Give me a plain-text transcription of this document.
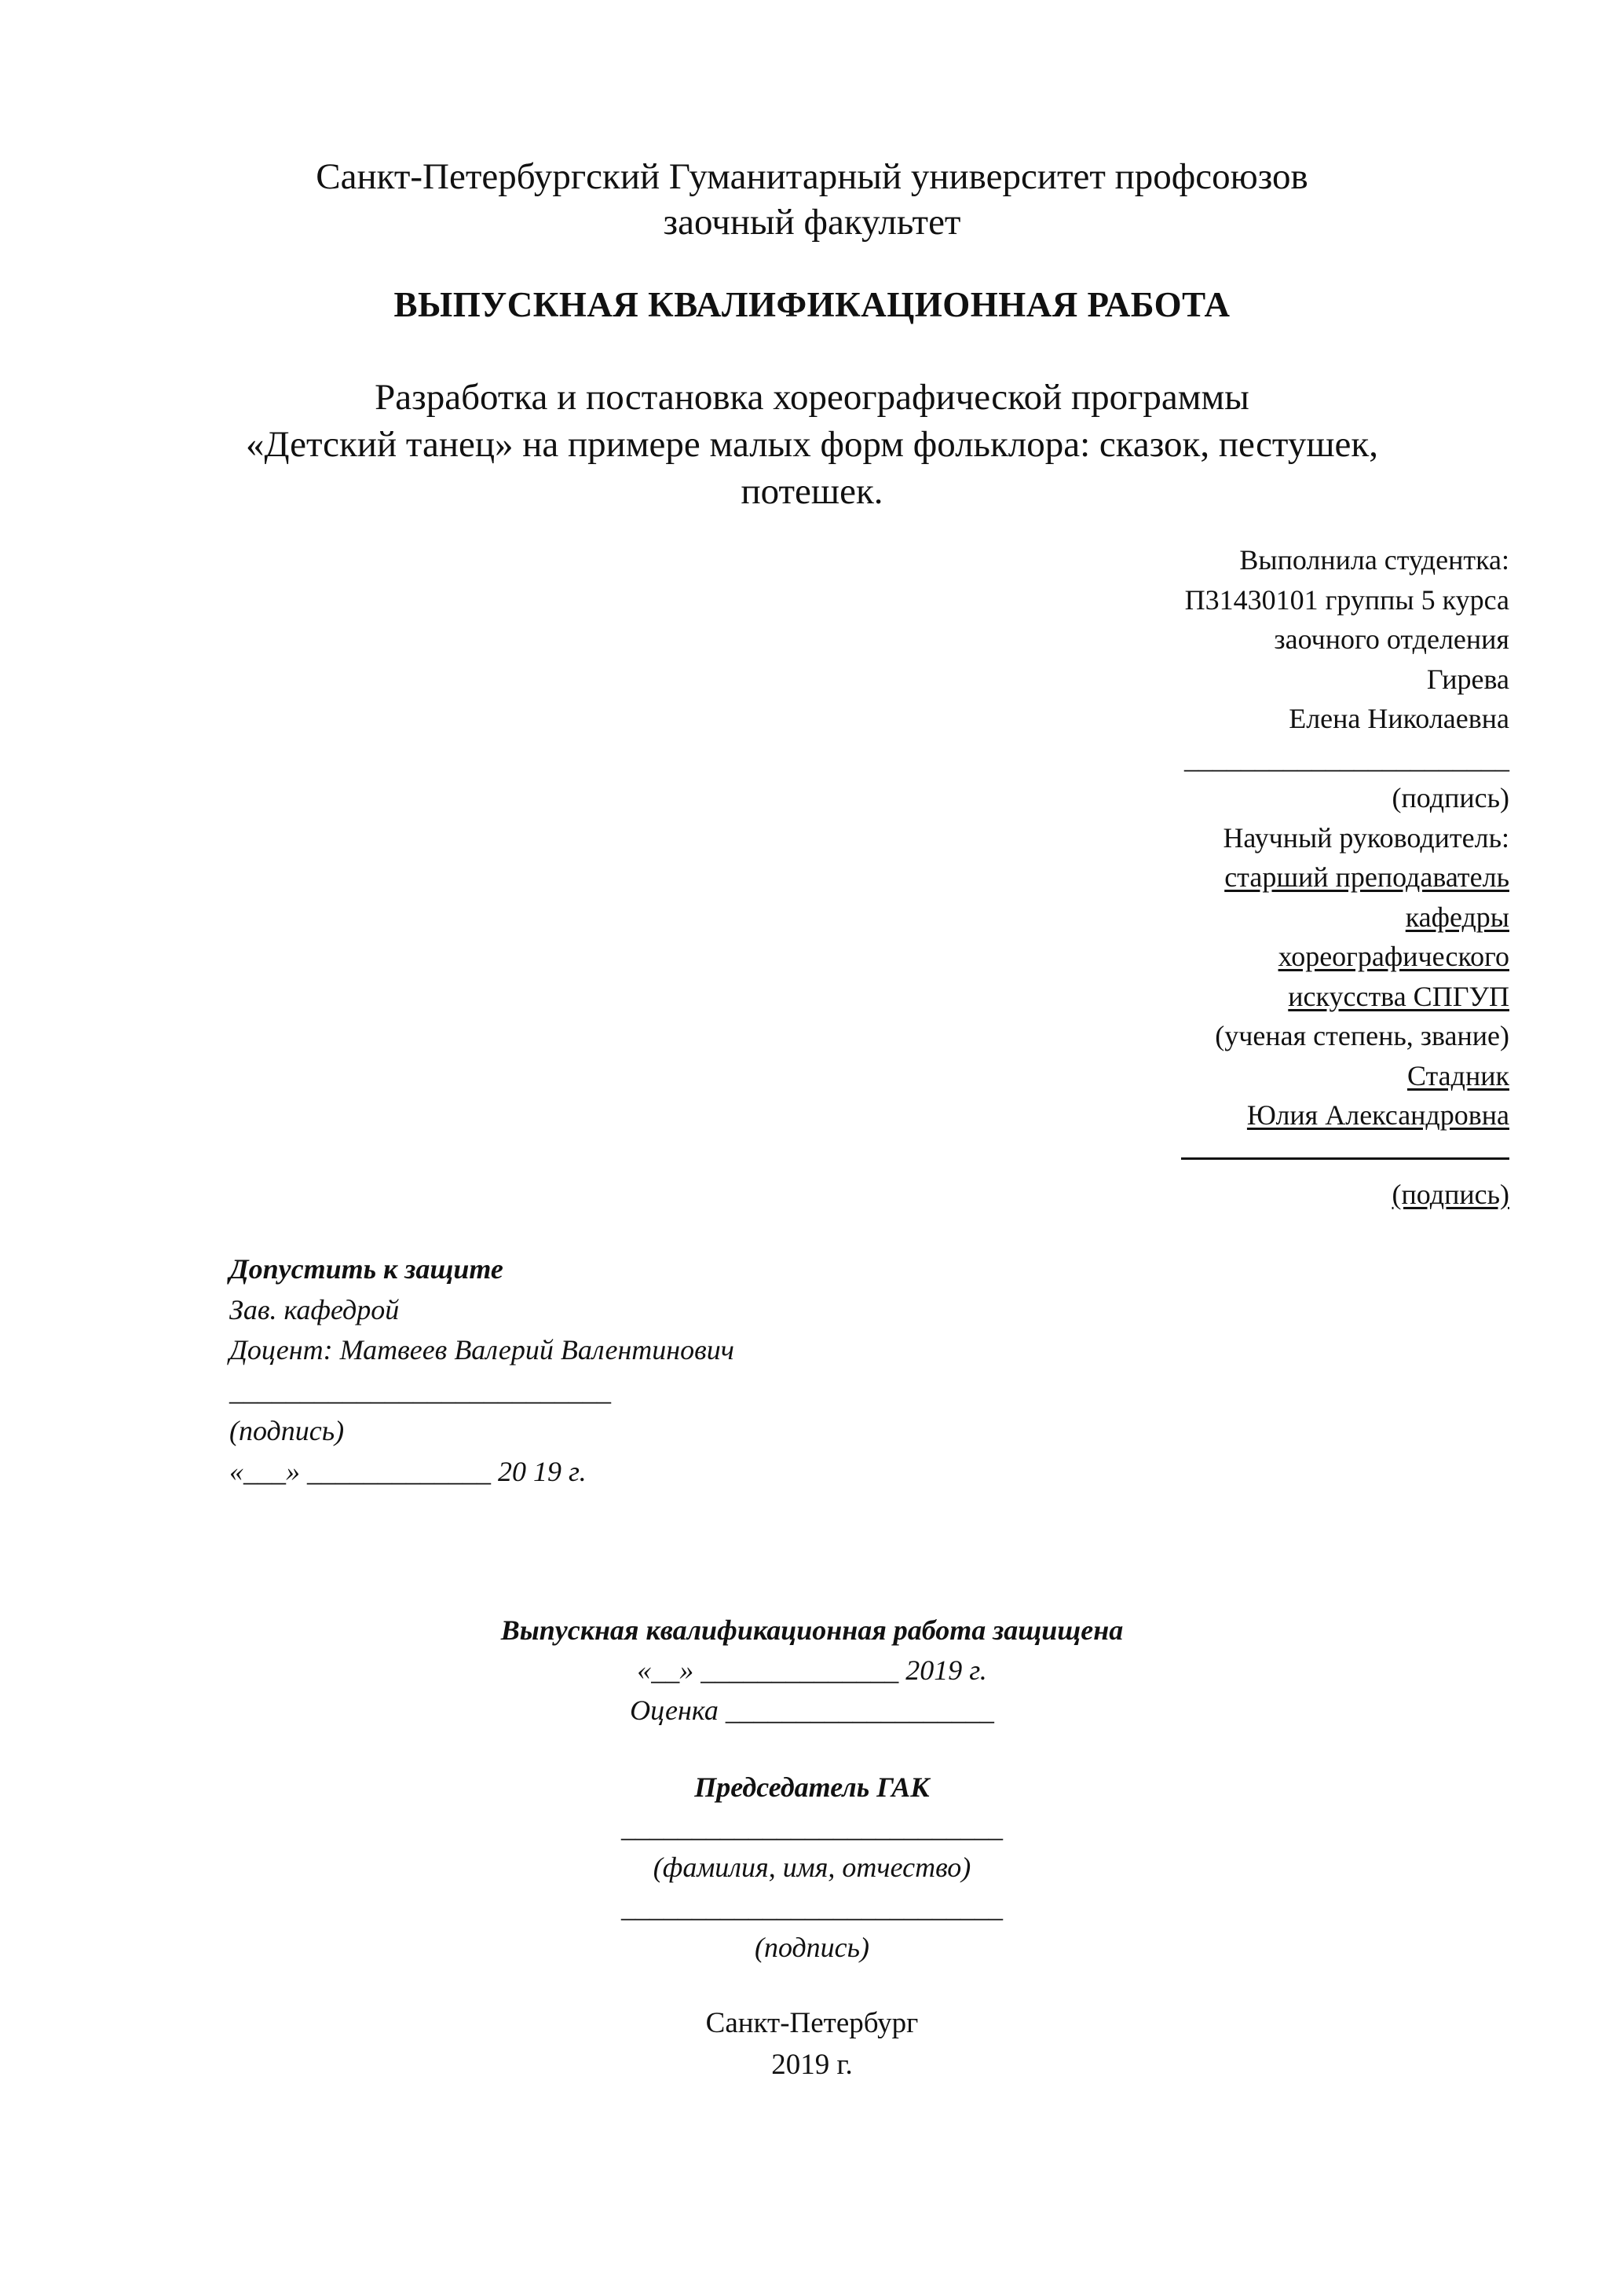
Санкт-Петербургский Гуманитарный университет профсоюзов
заочный факультет
ВЫПУСКНАЯ КВАЛИФИКАЦИОННАЯ РАБОТА
Разработка и постановка хореографической программы
«Детский танец» на примере малых форм фольклора: сказок, пестушек,
потешек.
Выполнила студентка:
П31430101 группы 5 курса
заочного отделения
Гирева
Елена Николаевна
_______________________
(подпись)
Научный руководитель:
старший преподаватель
кафедры
хореографического
искусства СПГУП
(ученая степень, звание)
Стадник
Юлия Александровна
(подпись)
Допустить к защите
Зав. кафедрой
Доцент: Матвеев Валерий Валентинович
___________________________
(подпись)
«___» _____________ 20 19 г.
Выпускная квалификационная работа защищена
«__» ______________ 2019 г.
Оценка ___________________
Председатель ГАК
___________________________
(фамилия, имя, отчество)
___________________________
(подпись)
Санкт-Петербург
2019 г.
